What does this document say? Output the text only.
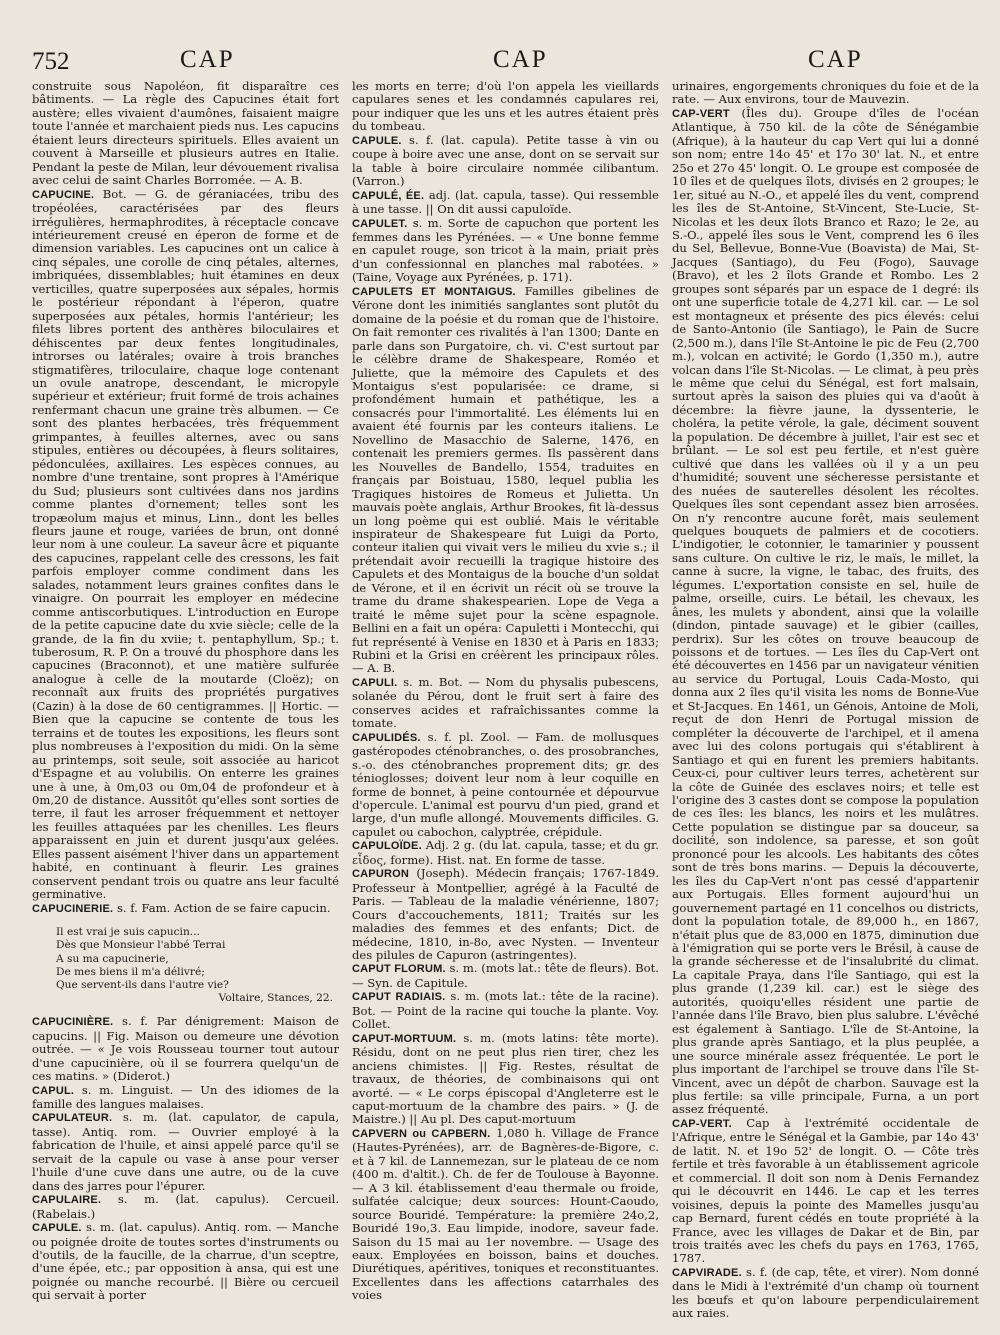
752	CAP	CAP	CAP

construite sous Napoléon, fit disparaître ces bâtiments. — La règle des Capucines était fort austère; elles vivaient d'aumônes, faisaient maigre toute l'année et marchaient pieds nus. Les capucins étaient leurs directeurs spirituels. Elles avaient un couvent à Marseille et plusieurs autres en Italie. Pendant la peste de Milan, leur dévouement rivalisa avec celui de saint Charles Borromée. — A. B.

CAPUCINE. Bot. — G. de géraniacées, tribu des tropéolées, caractérisées par des fleurs irrégulières, hermaphrodites, à réceptacle concave intérieurement creusé en éperon de forme et de dimension variables. Les capucines ont un calice à cinq sépales, une corolle de cinq pétales, alternes, imbriquées, dissemblables; huit étamines en deux verticilles, quatre superposées aux sépales, hormis le postérieur répondant à l'éperon, quatre superposées aux pétales, hormis l'antérieur; les filets libres portent des anthères biloculaires et déhiscentes par deux fentes longitudinales, introrses ou latérales; ovaire à trois branches stigmatifères, triloculaire, chaque loge contenant un ovule anatrope, descendant, le micropyle supérieur et extérieur; fruit formé de trois achaines renfermant chacun une graine très albumen. — Ce sont des plantes herbacées, très fréquemment grimpantes, à feuilles alternes, avec ou sans stipules, entières ou découpées, à fleurs solitaires, pédonculées, axillaires. Les espèces connues, au nombre d'une trentaine, sont propres à l'Amérique du Sud; plusieurs sont cultivées dans nos jardins comme plantes d'ornement; telles sont les tropæolum majus et minus, Linn., dont les belles fleurs jaune et rouge, variées de brun, ont donné leur nom à une couleur. La saveur âcre et piquante des capucines, rappelant celle des cressons, les fait parfois employer comme condiment dans les salades, notamment leurs graines confites dans le vinaigre. On pourrait les employer en médecine comme antiscorbutiques. L'introduction en Europe de la petite capucine date du xvie siècle; celle de la grande, de la fin du xviie; t. pentaphyllum, Sp.; t. tuberosum, R. P. On a trouvé du phosphore dans les capucines (Braconnot), et une matière sulfurée analogue à celle de la moutarde (Cloëz); on reconnaît aux fruits des propriétés purgatives (Cazin) à la dose de 60 centigrammes. || Hortic. — Bien que la capucine se contente de tous les terrains et de toutes les expositions, les fleurs sont plus nombreuses à l'exposition du midi. On la sème au printemps, soit seule, soit associée au haricot d'Espagne et au volubilis. On enterre les graines une à une, à 0m,03 ou 0m,04 de profondeur et à 0m,20 de distance. Aussitôt qu'elles sont sorties de terre, il faut les arroser fréquemment et nettoyer les feuilles attaquées par les chenilles. Les fleurs apparaissent en juin et durent jusqu'aux gelées. Elles passent aisément l'hiver dans un appartement habité, en continuant à fleurir. Les graines conservent pendant trois ou quatre ans leur faculté germinative.

CAPUCINERIE. s. f. Fam. Action de se faire capucin.

Il est vrai je suis capucin...
Dès que Monsieur l'abbé Terrai
A su ma capucinerie,
De mes biens il m'a délivré;
Que servent-ils dans l'autre vie?
Voltaire, Stances, 22.

CAPUCINIÈRE. s. f. Par dénigrement: Maison de capucins. || Fig. Maison ou demeure une dévotion outrée. — « Je vois Rousseau tourner tout autour d'une capucinière, où il se fourrera quelqu'un de ces matins. » (Diderot.)

CAPUL. s. m. Linguist. — Un des idiomes de la famille des langues malaises.

CAPULATEUR. s. m. (lat. capulator, de capula, tasse). Antiq. rom. — Ouvrier employé à la fabrication de l'huile, et ainsi appelé parce qu'il se servait de la capule ou vase à anse pour verser l'huile d'une cuve dans une autre, ou de la cuve dans des jarres pour l'épurer.

CAPULAIRE. s. m. (lat. capulus). Cercueil. (Rabelais.)

CAPULE. s. m. (lat. capulus). Antiq. rom. — Manche ou poignée droite de toutes sortes d'instruments ou d'outils, de la faucille, de la charrue, d'un sceptre, d'une épée, etc.; par opposition à ansa, qui est une poignée ou manche recourbé. || Bière ou cercueil qui servait à porter

les morts en terre; d'où l'on appela les vieillards capulares senes et les condamnés capulares rei, pour indiquer que les uns et les autres étaient près du tombeau.

CAPULE. s. f. (lat. capula). Petite tasse à vin ou coupe à boire avec une anse, dont on se servait sur la table à boire circulaire nommée cilibantum. (Varron.)

CAPULÉ, ÉE. adj. (lat. capula, tasse). Qui ressemble à une tasse. || On dit aussi capuloïde.

CAPULET. s. m. Sorte de capuchon que portent les femmes dans les Pyrénées. — « Une bonne femme en capulet rouge, son tricot à la main, priait près d'un confessionnal en planches mal rabotées. » (Taine, Voyage aux Pyrénées, p. 171).

CAPULETS ET MONTAIGUS. Familles gibelines de Vérone dont les inimitiés sanglantes sont plutôt du domaine de la poésie et du roman que de l'histoire. On fait remonter ces rivalités à l'an 1300; Dante en parle dans son Purgatoire, ch. vi. C'est surtout par le célèbre drame de Shakespeare, Roméo et Juliette, que la mémoire des Capulets et des Montaigus s'est popularisée: ce drame, si profondément humain et pathétique, les a consacrés pour l'immortalité. Les éléments lui en avaient été fournis par les conteurs italiens. Le Novellino de Masacchio de Salerne, 1476, en contenait les premiers germes. Ils passèrent dans les Nouvelles de Bandello, 1554, traduites en français par Boistuau, 1580, lequel publia les Tragiques histoires de Romeus et Julietta. Un mauvais poète anglais, Arthur Brookes, fit là-dessus un long poème qui est oublié. Mais le véritable inspirateur de Shakespeare fut Luigi da Porto, conteur italien qui vivait vers le milieu du xvie s.; il prétendait avoir recueilli la tragique histoire des Capulets et des Montaigus de la bouche d'un soldat de Vérone, et il en écrivit un récit où se trouve la trame du drame shakespearien. Lope de Vega a traité le même sujet pour la scène espagnole. Bellini en a fait un opéra: Capuletti i Montecchi, qui fut représenté à Venise en 1830 et à Paris en 1833; Rubini et la Grisi en créèrent les principaux rôles. — A. B.

CAPULI. s. m. Bot. — Nom du physalis pubescens, solanée du Pérou, dont le fruit sert à faire des conserves acides et rafraîchissantes comme la tomate.

CAPULIDÉS. s. f. pl. Zool. — Fam. de mollusques gastéropodes cténobranches, o. des prosobranches, s.-o. des cténobranches proprement dits; gr. des ténioglosses; doivent leur nom à leur coquille en forme de bonnet, à peine contournée et dépourvue d'opercule. L'animal est pourvu d'un pied, grand et large, d'un mufle allongé. Mouvements difficiles. G. capulet ou cabochon, calyptrée, crépidule.

CAPULOÏDE. Adj. 2 g. (du lat. capula, tasse; et du gr. εἶδος, forme). Hist. nat. En forme de tasse.

CAPURON (Joseph). Médecin français; 1767-1849. Professeur à Montpellier, agrégé à la Faculté de Paris. — Tableau de la maladie vénérienne, 1807; Cours d'accouchements, 1811; Traités sur les maladies des femmes et des enfants; Dict. de médecine, 1810, in-8o, avec Nysten. — Inventeur des pilules de Capuron (astringentes).

CAPUT FLORUM. s. m. (mots lat.: tête de fleurs). Bot. — Syn. de Capitule.

CAPUT RADIAIS. s. m. (mots lat.: tête de la racine). Bot. — Point de la racine qui touche la plante. Voy. Collet.

CAPUT-MORTUUM. s. m. (mots latins: tête morte). Résidu, dont on ne peut plus rien tirer, chez les anciens chimistes. || Fig. Restes, résultat de travaux, de théories, de combinaisons qui ont avorté. — « Le corps épiscopal d'Angleterre est le caput-mortuum de la chambre des pairs. » (J. de Maistre.) || Au pl. Des caput-mortuum

CAPVERN ou CAPBERN. 1,080 h. Village de France (Hautes-Pyrénées), arr. de Bagnères-de-Bigore, c. et à 7 kil. de Lannemezan, sur le plateau de ce nom (400 m. d'altit.). Ch. de fer de Toulouse à Bayonne. — A 3 kil. établissement d'eau thermale ou froide, sulfatée calcique; deux sources: Hount-Caoudo, source Bouridé. Température: la première 24o,2, Bouridé 19o,3. Eau limpide, inodore, saveur fade. Saison du 15 mai au 1er novembre. — Usage des eaux. Employées en boisson, bains et douches. Diurétiques, apéritives, toniques et reconstituantes. Excellentes dans les affections catarrhales des voies

urinaires, engorgements chroniques du foie et de la rate. — Aux environs, tour de Mauvezin.

CAP-VERT (Îles du). Groupe d'îles de l'océan Atlantique, à 750 kil. de la côte de Sénégambie (Afrique), à la hauteur du cap Vert qui lui a donné son nom; entre 14o 45' et 17o 30' lat. N., et entre 25o et 27o 45' longit. O. Le groupe est composée de 10 îles et de quelques îlots, divisés en 2 groupes; le 1er, situé au N.-O., et appelé îles du vent, comprend les îles de St-Antoine, St-Vincent, Ste-Lucie, St-Nicolas et les deux îlots Branco et Razo; le 2e, au S.-O., appelé îles sous le Vent, comprend les 6 îles du Sel, Bellevue, Bonne-Vue (Boavista) de Mai, St-Jacques (Santiago), du Feu (Fogo), Sauvage (Bravo), et les 2 îlots Grande et Rombo. Les 2 groupes sont séparés par un espace de 1 degré: ils ont une superficie totale de 4,271 kil. car. — Le sol est montagneux et présente des pics élevés: celui de Santo-Antonio (île Santiago), le Pain de Sucre (2,500 m.), dans l'île St-Antoine le pic de Feu (2,700 m.), volcan en activité; le Gordo (1,350 m.), autre volcan dans l'île St-Nicolas. — Le climat, à peu près le même que celui du Sénégal, est fort malsain, surtout après la saison des pluies qui va d'août à décembre: la fièvre jaune, la dyssenterie, le choléra, la petite vérole, la gale, déciment souvent la population. De décembre à juillet, l'air est sec et brûlant. — Le sol est peu fertile, et n'est guère cultivé que dans les vallées où il y a un peu d'humidité; souvent une sécheresse persistante et des nuées de sauterelles désolent les récoltes. Quelques îles sont cependant assez bien arrosées. On n'y rencontre aucune forêt, mais seulement quelques bouquets de palmiers et de cocotiers. L'indigotier, le cotonnier, le tamarinier y poussent sans culture. On cultive le riz, le maïs, le millet, la canne à sucre, la vigne, le tabac, des fruits, des légumes. L'exportation consiste en sel, huile de palme, orseille, cuirs. Le bétail, les chevaux, les ânes, les mulets y abondent, ainsi que la volaille (dindon, pintade sauvage) et le gibier (cailles, perdrix). Sur les côtes on trouve beaucoup de poissons et de tortues. — Les îles du Cap-Vert ont été découvertes en 1456 par un navigateur vénitien au service du Portugal, Louis Cada-Mosto, qui donna aux 2 îles qu'il visita les noms de Bonne-Vue et St-Jacques. En 1461, un Génois, Antoine de Moli, reçut de don Henri de Portugal mission de compléter la découverte de l'archipel, et il amena avec lui des colons portugais qui s'établirent à Santiago et qui en furent les premiers habitants. Ceux-ci, pour cultiver leurs terres, achetèrent sur la côte de Guinée des esclaves noirs; et telle est l'origine des 3 castes dont se compose la population de ces îles: les blancs, les noirs et les mulâtres. Cette population se distingue par sa douceur, sa docilité, son indolence, sa paresse, et son goût prononcé pour les alcools. Les habitants des côtes sont de très bons marins. — Depuis la découverte, les îles du Cap-Vert n'ont pas cessé d'appartenir aux Portugais. Elles forment aujourd'hui un gouvernement partagé en 11 concelhos ou districts, dont la population totale, de 89,000 h., en 1867, n'était plus que de 83,000 en 1875, diminution due à l'émigration qui se porte vers le Brésil, à cause de la grande sécheresse et de l'insalubrité du climat. La capitale Praya, dans l'île Santiago, qui est la plus grande (1,239 kil. car.) est le siège des autorités, quoiqu'elles résident une partie de l'année dans l'île Bravo, bien plus salubre. L'évêché est également à Santiago. L'île de St-Antoine, la plus grande après Santiago, et la plus peuplée, a une source minérale assez fréquentée. Le port le plus important de l'archipel se trouve dans l'île St-Vincent, avec un dépôt de charbon. Sauvage est la plus fertile: sa ville principale, Furna, a un port assez fréquenté.

CAP-VERT. Cap à l'extrémité occidentale de l'Afrique, entre le Sénégal et la Gambie, par 14o 43' de latit. N. et 19o 52' de longit. O. — Côte très fertile et très favorable à un établissement agricole et commercial. Il doit son nom à Denis Fernandez qui le découvrit en 1446. Le cap et les terres voisines, depuis la pointe des Mamelles jusqu'au cap Bernard, furent cédés en toute propriété à la France, avec les villages de Dakar et de Bin, par trois traités avec les chefs du pays en 1763, 1765, 1787.

CAPVIRADE. s. f. (de cap, tête, et virer). Nom donné dans le Midi à l'extrémité d'un champ où tournent les bœufs et qu'on laboure perpendiculairement aux raies.
